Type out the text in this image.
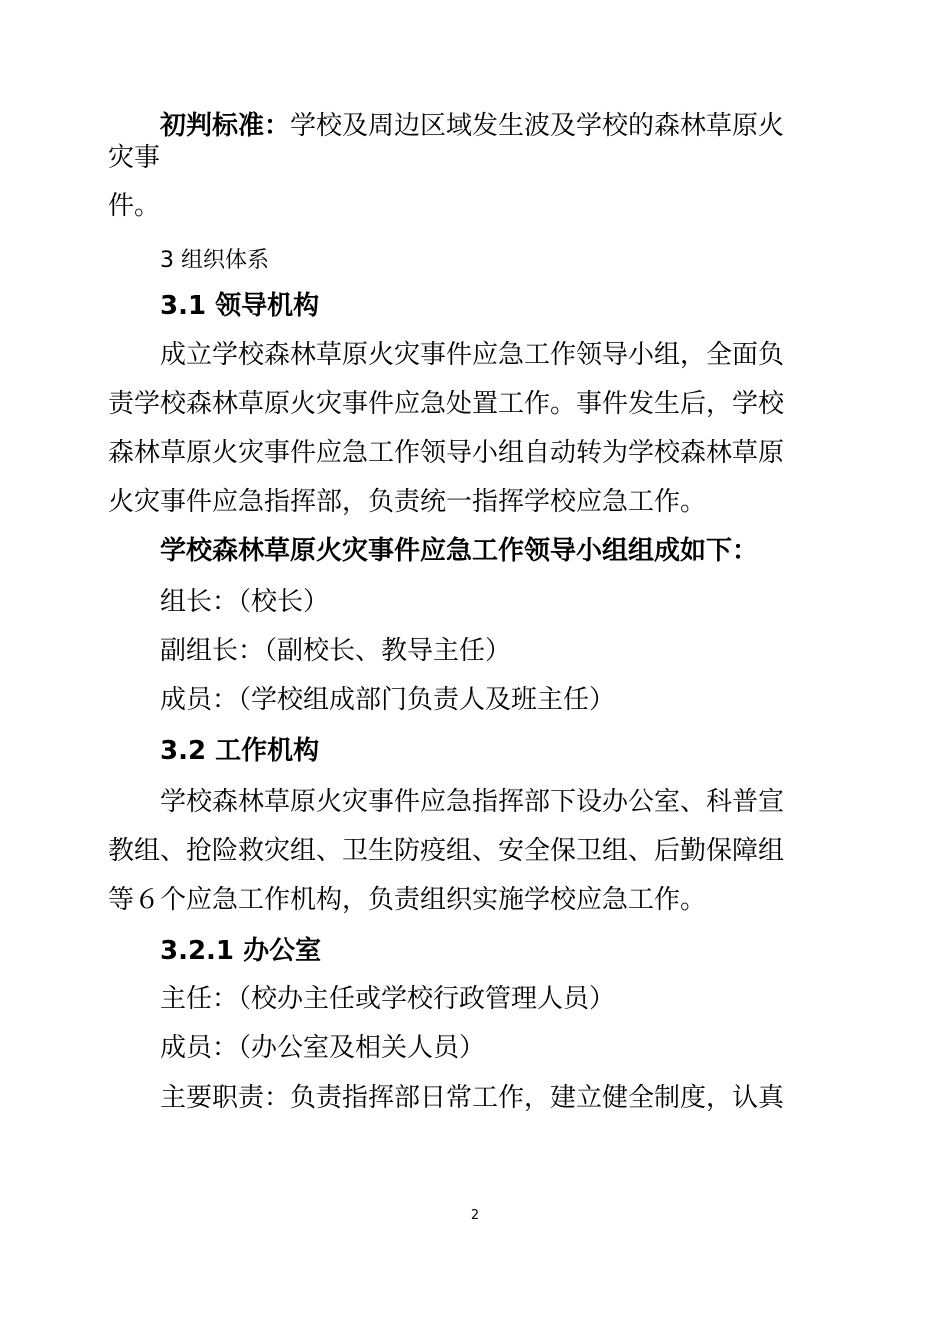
初判标准：学校及周边区域发生波及学校的森林草原火
灾事
件。
3 组织体系
3.1 领导机构
成立学校森林草原火灾事件应急工作领导小组，全面负
责学校森林草原火灾事件应急处置工作。事件发生后，学校
森林草原火灾事件应急工作领导小组自动转为学校森林草原
火灾事件应急指挥部，负责统一指挥学校应急工作。
学校森林草原火灾事件应急工作领导小组组成如下：
组长：（校长）
副组长：（副校长、教导主任）
成员：（学校组成部门负责人及班主任）
3.2 工作机构
学校森林草原火灾事件应急指挥部下设办公室、科普宣
教组、抢险救灾组、卫生防疫组、安全保卫组、后勤保障组
等６个应急工作机构，负责组织实施学校应急工作。
3.2.1 办公室
主任：（校办主任或学校行政管理人员）
成员：（办公室及相关人员）
主要职责：负责指挥部日常工作，建立健全制度，认真
2
